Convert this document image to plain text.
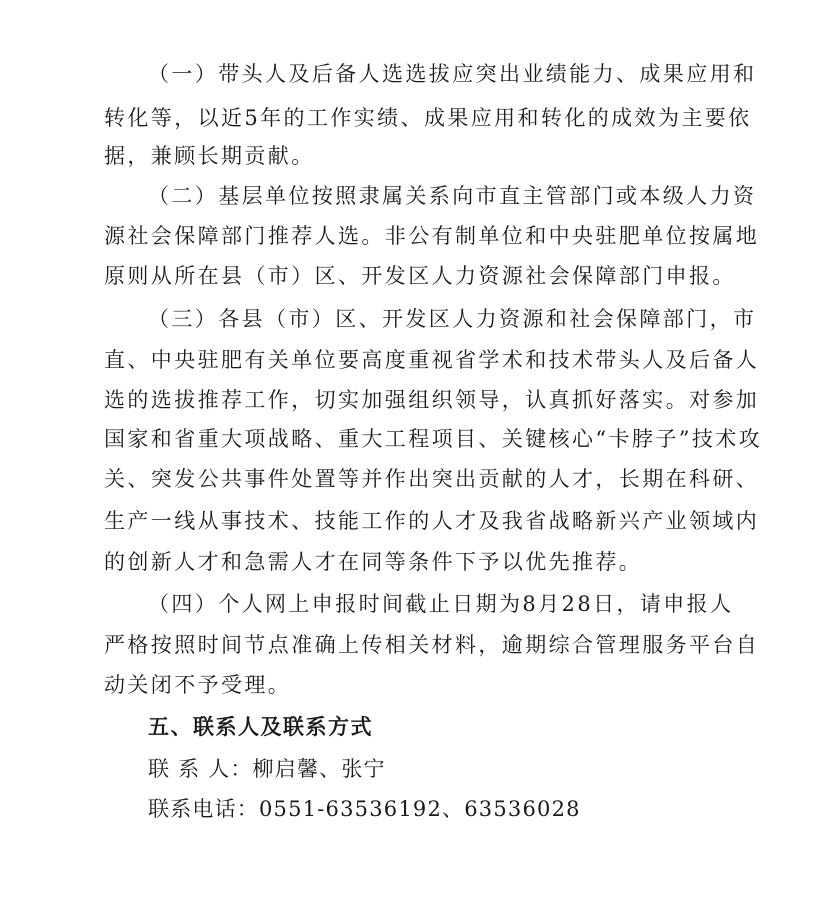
（一）带头人及后备人选选拔应突出业绩能力、成果应用和
转化等，以近5年的工作实绩、成果应用和转化的成效为主要依
据，兼顾长期贡献。
（二）基层单位按照隶属关系向市直主管部门或本级人力资
源社会保障部门推荐人选。非公有制单位和中央驻肥单位按属地
原则从所在县（市）区、开发区人力资源社会保障部门申报。
（三）各县（市）区、开发区人力资源和社会保障部门，市
直、中央驻肥有关单位要高度重视省学术和技术带头人及后备人
选的选拔推荐工作，切实加强组织领导，认真抓好落实。对参加
国家和省重大项战略、重大工程项目、关键核心“卡脖子”技术攻
关、突发公共事件处置等并作出突出贡献的人才，长期在科研、
生产一线从事技术、技能工作的人才及我省战略新兴产业领域内
的创新人才和急需人才在同等条件下予以优先推荐。
（四）个人网上申报时间截止日期为8月28日，请申报人
严格按照时间节点准确上传相关材料，逾期综合管理服务平台自
动关闭不予受理。
五、联系人及联系方式
联 系 人：柳启馨、张宁
联系电话：0551-63536192、63536028
